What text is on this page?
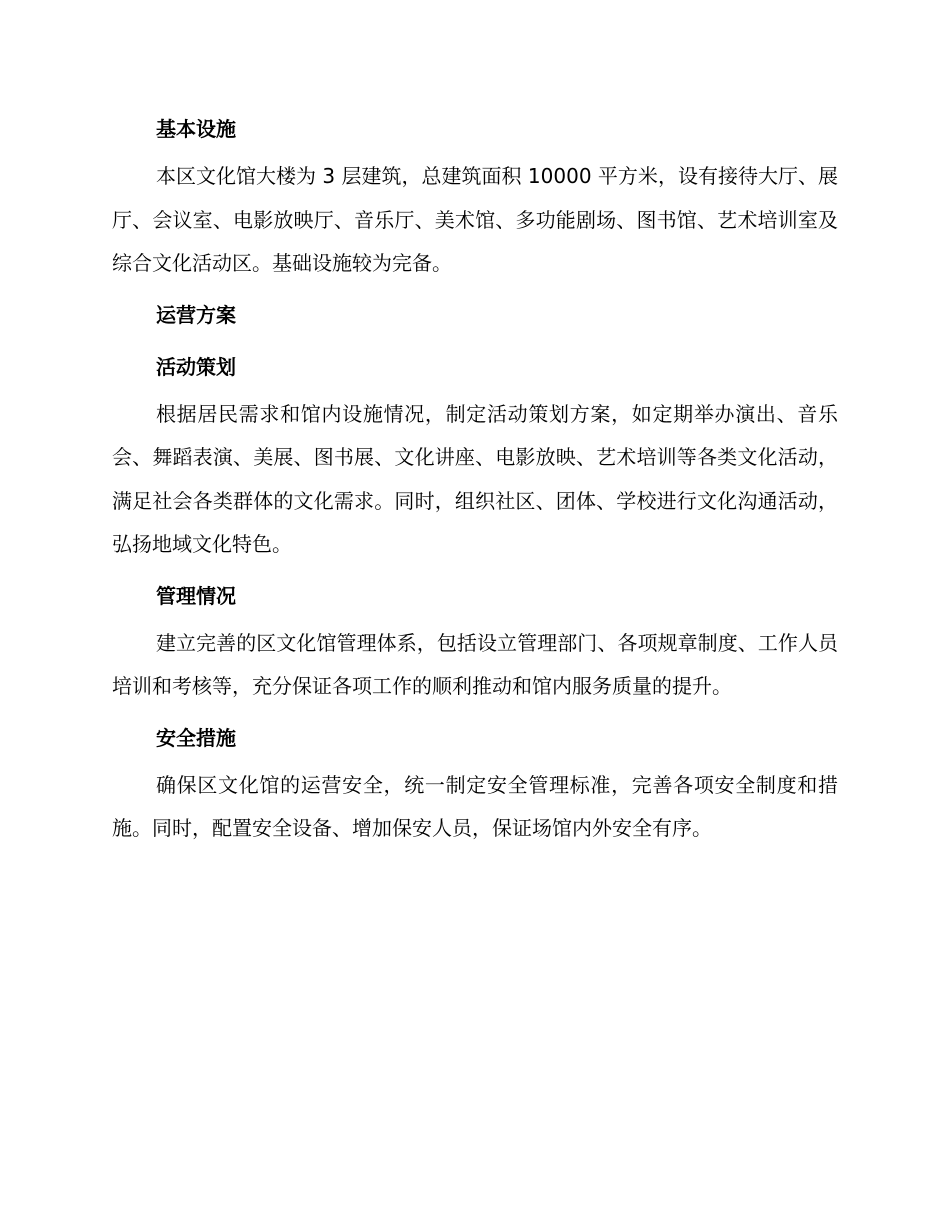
基本设施

本区文化馆大楼为 3 层建筑，总建筑面积 10000 平方米，设有接待大厅、展厅、会议室、电影放映厅、音乐厅、美术馆、多功能剧场、图书馆、艺术培训室及综合文化活动区。基础设施较为完备。

运营方案
活动策划

根据居民需求和馆内设施情况，制定活动策划方案，如定期举办演出、音乐会、舞蹈表演、美展、图书展、文化讲座、电影放映、艺术培训等各类文化活动，满足社会各类群体的文化需求。同时，组织社区、团体、学校进行文化沟通活动，弘扬地域文化特色。

管理情况

建立完善的区文化馆管理体系，包括设立管理部门、各项规章制度、工作人员培训和考核等，充分保证各项工作的顺利推动和馆内服务质量的提升。

安全措施

确保区文化馆的运营安全，统一制定安全管理标准，完善各项安全制度和措施。同时，配置安全设备、增加保安人员，保证场馆内外安全有序。
